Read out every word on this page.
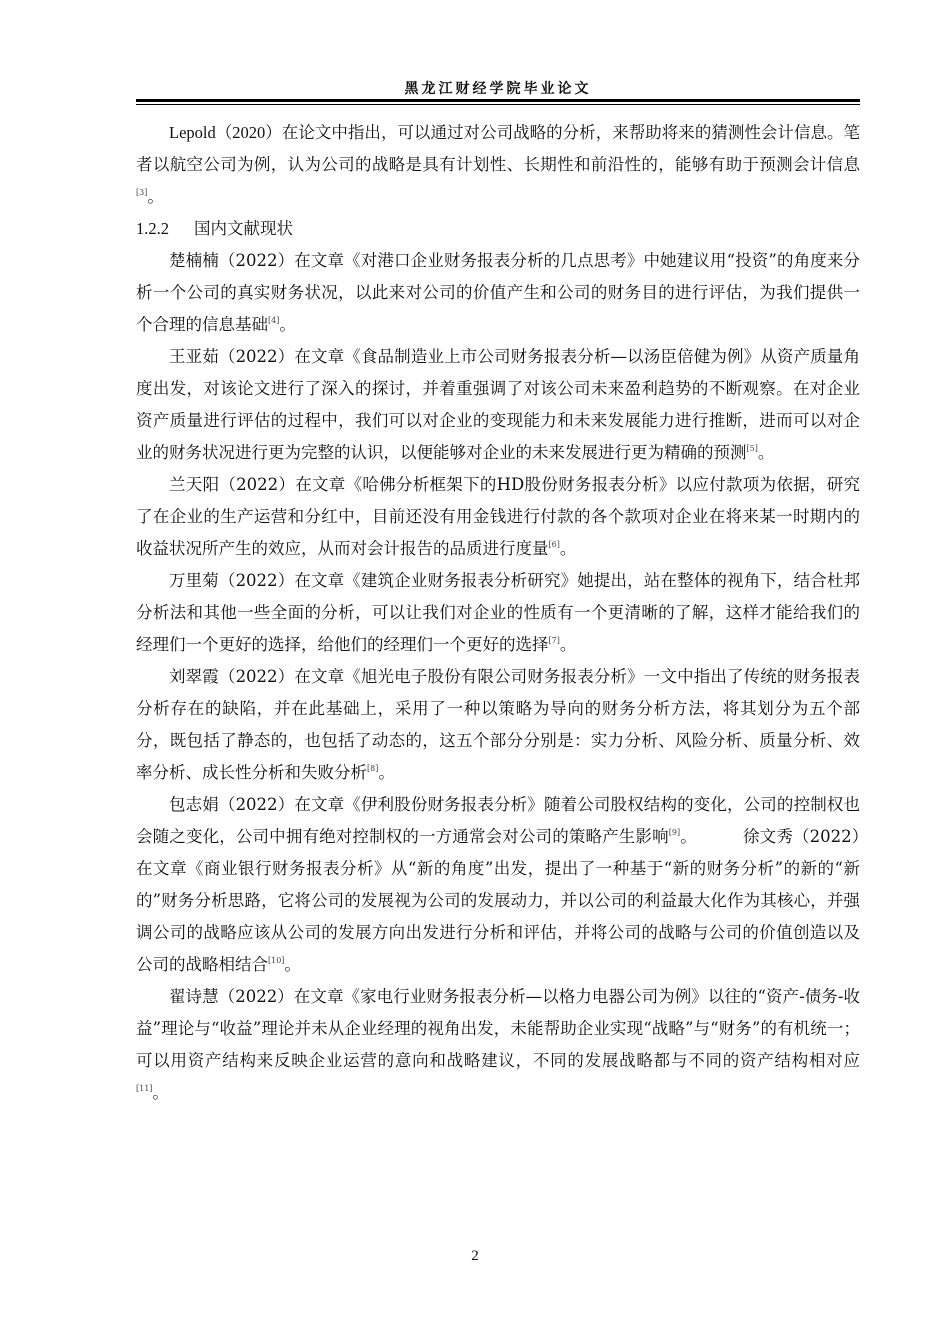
黑龙江财经学院毕业论文

Lepold（2020）在论文中指出，可以通过对公司战略的分析，来帮助将来的猜测性会计信息。笔者以航空公司为例，认为公司的战略是具有计划性、长期性和前沿性的，能够有助于预测会计信息[3]。

1.2.2 国内文献现状

楚楠楠（2022）在文章《对港口企业财务报表分析的几点思考》中她建议用“投资”的角度来分析一个公司的真实财务状况，以此来对公司的价值产生和公司的财务目的进行评估，为我们提供一个合理的信息基础[4]。

王亚茹（2022）在文章《食品制造业上市公司财务报表分析—以汤臣倍健为例》从资产质量角度出发，对该论文进行了深入的探讨，并着重强调了对该公司未来盈利趋势的不断观察。在对企业资产质量进行评估的过程中，我们可以对企业的变现能力和未来发展能力进行推断，进而可以对企业的财务状况进行更为完整的认识，以便能够对企业的未来发展进行更为精确的预测[5]。

兰天阳（2022）在文章《哈佛分析框架下的HD股份财务报表分析》以应付款项为依据，研究了在企业的生产运营和分红中，目前还没有用金钱进行付款的各个款项对企业在将来某一时期内的收益状况所产生的效应，从而对会计报告的品质进行度量[6]。

万里菊（2022）在文章《建筑企业财务报表分析研究》她提出，站在整体的视角下，结合杜邦分析法和其他一些全面的分析，可以让我们对企业的性质有一个更清晰的了解，这样才能给我们的经理们一个更好的选择，给他们的经理们一个更好的选择[7]。

刘翠霞（2022）在文章《旭光电子股份有限公司财务报表分析》一文中指出了传统的财务报表分析存在的缺陷，并在此基础上，采用了一种以策略为导向的财务分析方法，将其划分为五个部分，既包括了静态的，也包括了动态的，这五个部分分别是：实力分析、风险分析、质量分析、效率分析、成长性分析和失败分析[8]。

包志娟（2022）在文章《伊利股份财务报表分析》随着公司股权结构的变化，公司的控制权也会随之变化，公司中拥有绝对控制权的一方通常会对公司的策略产生影响[9]。	徐文秀（2022）在文章《商业银行财务报表分析》从“新的角度”出发，提出了一种基于“新的财务分析”的新的“新的”财务分析思路，它将公司的发展视为公司的发展动力，并以公司的利益最大化作为其核心，并强调公司的战略应该从公司的发展方向出发进行分析和评估，并将公司的战略与公司的价值创造以及公司的战略相结合[10]。

翟诗慧（2022）在文章《家电行业财务报表分析—以格力电器公司为例》以往的“资产-债务-收益”理论与“收益”理论并未从企业经理的视角出发，未能帮助企业实现“战略”与“财务”的有机统一；可以用资产结构来反映企业运营的意向和战略建议，不同的发展战略都与不同的资产结构相对应[11]。

2
